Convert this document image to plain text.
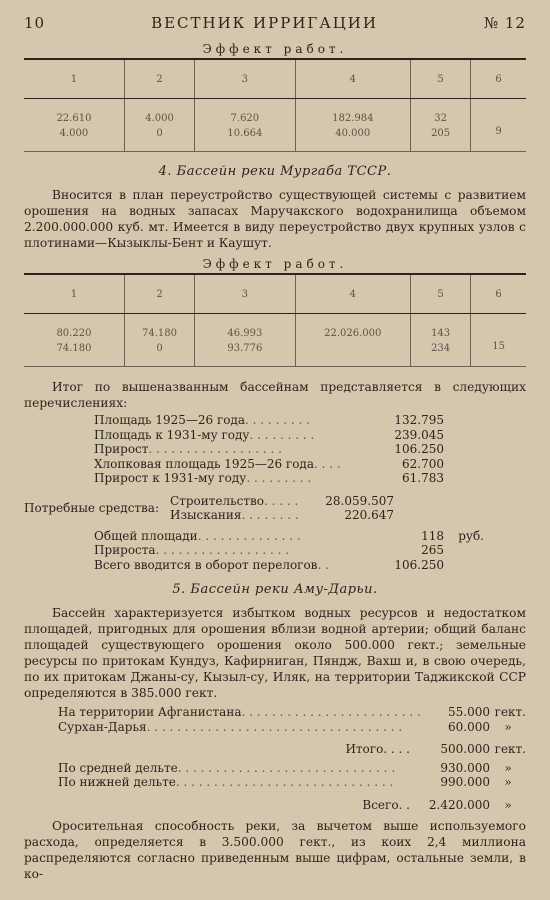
10	ВЕСТНИК ИРРИГАЦИИ	№ 12
Эффект работ.
1	2	3	4	5	6
22.610	4.000	7.620	182.984	32	9
4.000	0	10.664	40.000	205	
4. Бассейн реки Мургаба ТССР.

Вносится в план переустройство существующей системы с развитием орошения на водных запасах Маручакского водохранилища объемом 2.200.000.000 куб. мт. Имеется в виду переустройство двух крупных узлов с плотинами—Кызыклы-Бент и Каушут.

Эффект работ.
1	2	3	4	5	6
80.220	74.180	46.993	22.026.000	143	15
74.180	0	93.776		234	

Итог по вышеназванным бассейнам представляется в следующих перечислениях:

Площадь 1925—26 года . . . . . . . . .	132.795
Площадь к 1931-му году . . . . . . . . .	239.045
Прирост . . . . . . . . . . . . . . . . . .	106.250
Хлопковая площадь 1925—26 года . . . .	62.700
Прирост к 1931-му году . . . . . . . . .	61.783
Потребные средства: Строительство . . . . .	28.059.507
Изыскания . . . . . . . .	220.647
Общей площади . . . . . . . . . . . . . .	118	руб.
Прироста . . . . . . . . . . . . . . . . . .	265
Всего вводится в оборот перелогов . .	106.250
5. Бассейн реки Аму-Дарьи.

Бассейн характеризуется избытком водных ресурсов и недостатком площадей, пригодных для орошения вблизи водной артерии; общий баланс площадей существующего орошения около 500.000 гект.; земельные ресурсы по притокам Кундуз, Кафирниган, Пяндж, Вахш и, в свою очередь, по их притокам Джаны-су, Кызыл-су, Иляк, на территории Таджикской ССР определяются в 385.000 гект.

На территории Афганистана . . . . . . . . . . . . . . . . . . . . . . . .	55.000 гект.
Сурхан-Дарья . . . . . . . . . . . . . . . . . . . . . . . . . . . . . . . . . .	60.000	»
Итого . . . .	500.000 гект.
По средней дельте . . . . . . . . . . . . . . . . . . . . . . . . . . . . .	930.000	»
По нижней дельте . . . . . . . . . . . . . . . . . . . . . . . . . . . . .	990.000	»
Всего . .	2.420.000	»

Оросительная способность реки, за вычетом выше используемого расхода, определяется в 3.500.000 гект., из коих 2,4 миллиона распределяются согласно приведенным выше цифрам, остальные земли, в ко-
